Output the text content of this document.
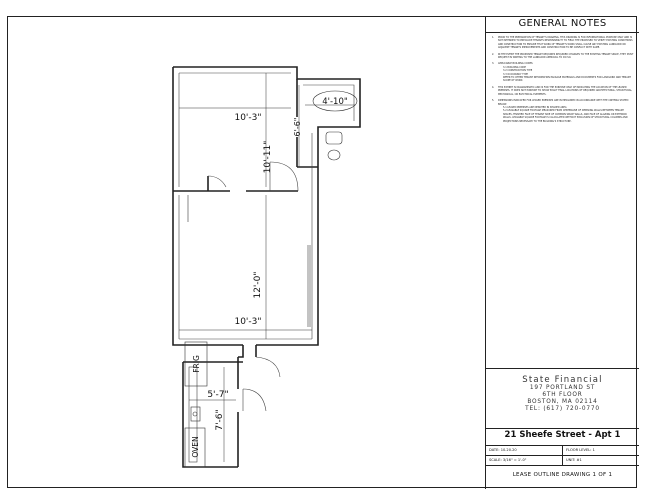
10'-3"
10'-11"
4'-10"
6'-6"
12'-0"
10'-3"
5'-7"
7'-6"
FRIG
OVEN
GENERAL NOTES
1. PRIOR TO THE PREPARATION OF TENANT'S DRAWING. THIS DRAWING IS FOR INFORMATIONAL PURPOSE ONLY AND IS NOT INTENDED TO PRECLUDE TENANTS RESPONSIBILITY TO FIELD THE PROPOSED TO VERIFY EXISTING CONDITIONS AND CONSTRUCTION TO ENSURE THAT WORK OF TENANT'S WORK SHALL CAUSE ANY EXISTING LANDLORD OR ADJACENT TENANTS IMPROVEMENTS AND CONSTRUCTION TO BE CONFLICT WITH SAME.
2. IN THE EVENT THE PROPOSED TENANT REQUIRES REQUIRED CHANGES TO THE EXISTING TENANT SPACE, THEY MUST REQUEST IN WRITING TO THE LANDLORD APPROVAL TO DO SO.
3. APPLICABLE BUILDING CODES:

3.1 BUILDING CODE

3.2 CONSTRUCTION TYPE

3.3 OCCUPANCY TYPE

REFER TO OTHER TENANT INFORMATION PACKAGE MATERIALS AND DOCUMENTS FOR LANDLORD AND TENANT SCOPE OF WORK

4. THIS EXHIBIT IS DIAGRAMMATIC AND IS FOR THE PURPOSE ONLY OF INDICATING THE LOCATION OF THE LEASED PREMISES. IT DOES NOT PURPORT TO SHOW EXACT FINAL LOCATIONS OF REQUIRED ARCHITECTURAL, STRUCTURAL, MECHANICAL, OR ELECTRICAL ELEMENTS.
5. DIMENSIONS INDICATED FOR LEASED PREMISES ARE IN MEASURED IN ACCORDANCE WITH THE CRITERIA STATED BELOW:

5.1 LEASED PREMISES ARE DENOTED IN SHADED AREA

5.2 LEASABLE SQUARE FOOTAGE MEASURED FROM CENTERLINE OF DEMISING WALLS BETWEEN TENANT SPACES, FINISHED FACE OF TENANT SIDE OF COMMON SPACE WALLS, AND FACE OF GLAZING OR EXTERIOR WALLS. LEASABLE SQUARE FOOTAGE IS CALCULATED WITHOUT EXCLUSION OF STRUCTURAL COLUMNS AND PROJECTIONS NECESSARY TO THE BUILDING'S STRUCTURE.

State Financial
197 PORTLAND ST
6TH FLOOR
BOSTON, MA 02114
TEL: (617) 720-0770
21 Sheefe Street - Apt 1
DATE: 10.20.20	FLOOR LEVEL: 1
SCALE: 3/16" = 1'-0"	UNIT: #1
LEASE OUTLINE DRAWING 1 OF 1
